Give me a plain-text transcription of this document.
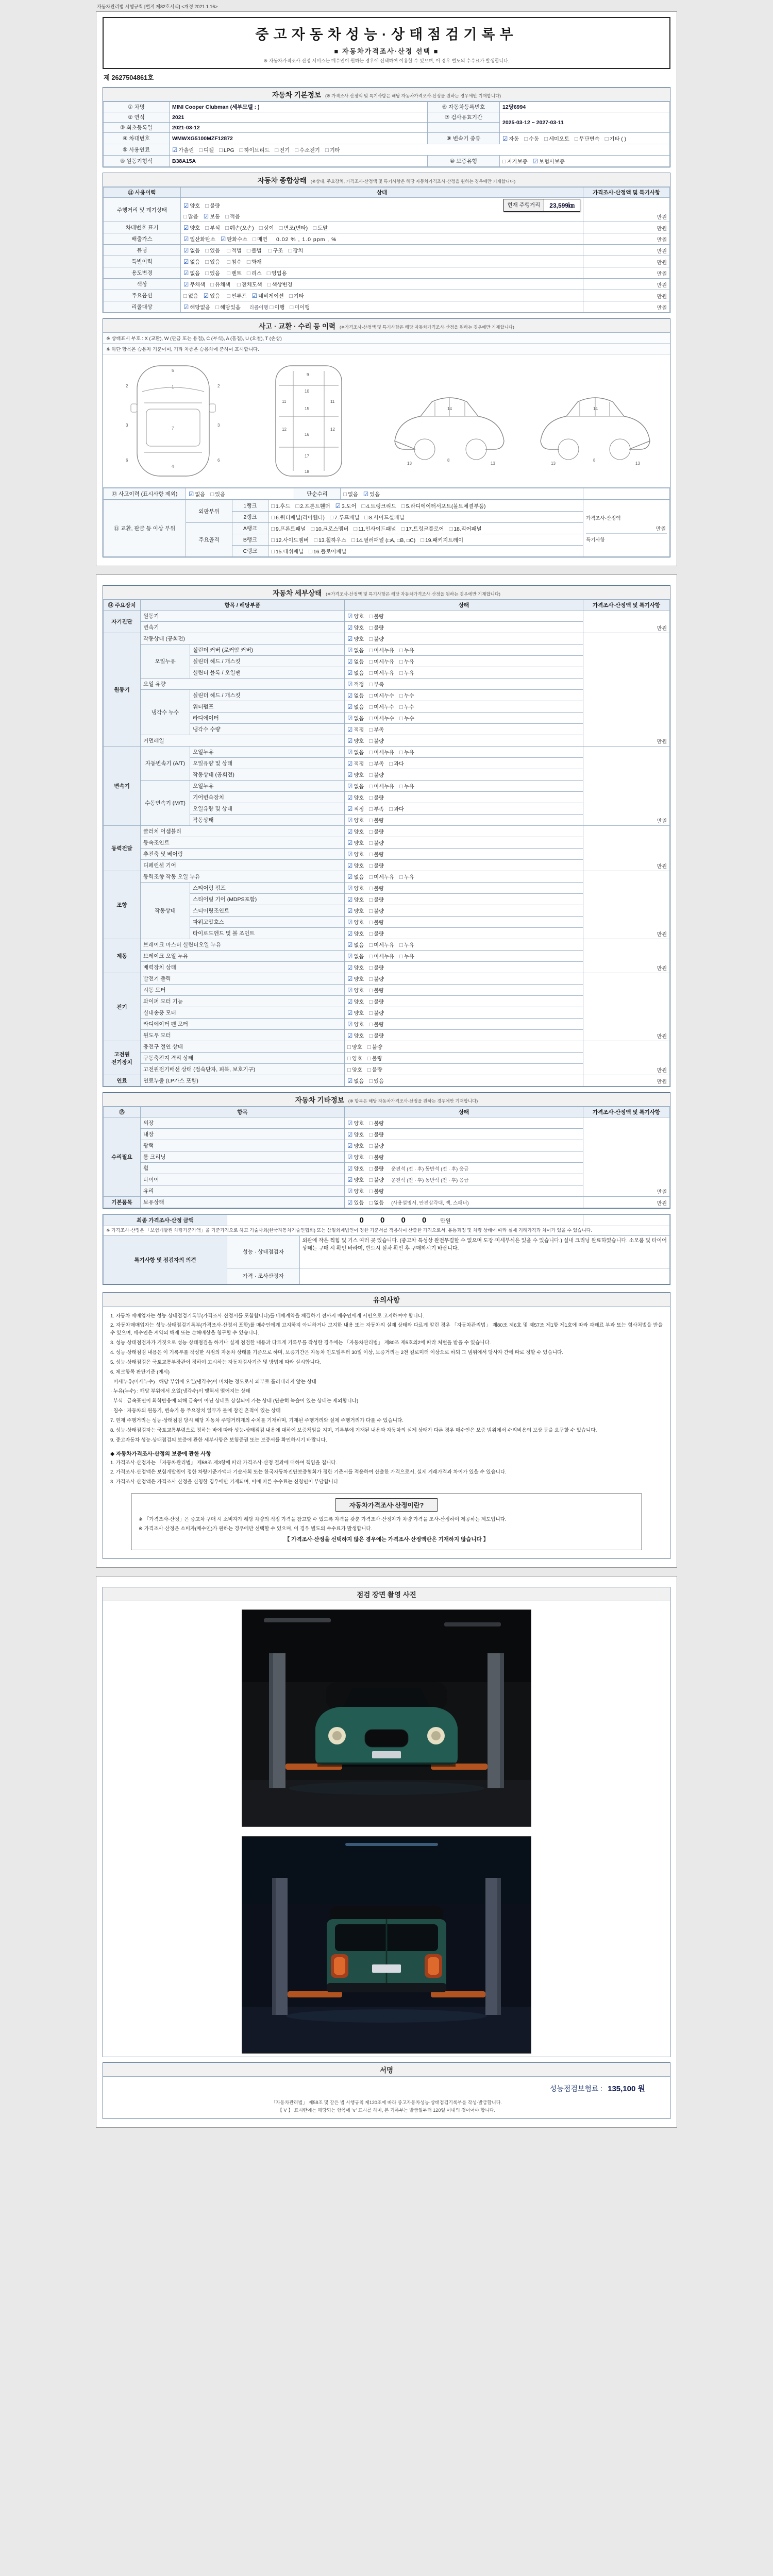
자동차관리법 시행규칙 [별지 제82호서식] <개정 2021.1.16>
중고자동차성능·상태점검기록부
■ 자동차가격조사·산정 선택 ■
※ 자동차가격조사·산정 서비스는 매수인이 원하는 경우에 선택하여 이용할 수 있으며, 이 경우 별도의 수수료가 발생합니다.
제 2627504861호
자동차 기본정보 (※ 가격조사·산정액 및 특기사항은 해당 자동차가격조사·산정을 원하는 경우에만 기재합니다)
① 차명	MINI Cooper Clubman (세부모델 : )	⑥ 자동차등록번호	12당6994
② 연식	2021	⑦ 검사유효기간	2025-03-12 ~ 2027-03-11
③ 최초등록일	2021-03-12		
④ 차대번호	WMWXG5100MZF12872	⑨ 변속기 종류	☑ 자동 □ 수동 □ 세미오토 □ 무단변속 □ 기타 ( )
⑤ 사용연료	☑ 가솔린 □ 디젤 □ LPG □ 하이브리드 □ 전기 □ 수소전기 □ 기타		
⑧ 원동기형식	B38A15A	⑩ 보증유형	□ 자가보증 ☑ 보험사보증
자동차 종합상태 (※상태, 주요장치, 가격조사·산정액 및 특기사항은 해당 자동차가격조사·산정을 원하는 경우에만 기재합니다)
⑪ 사용이력	상태	가격조사·산정액 및 특기사항
주행거리 및 계기상태	☑ 양호 □ 불량 현재 주행거리 23,599㎞
□ 많음 ☑ 보통 □ 적음	만원
차대번호 표기	☑ 양호 □ 부식 □ 훼손(오손) □ 상이 □ 변조(변타) □ 도말	만원
배출가스	☑ 일산화탄소 ☑ 탄화수소 □ 매연 0.02 % , 1.0 ppm , %	만원
튜닝	☑ 없음 □ 있음 □ 적법 □ 불법 □ 구조 □ 장치	만원
특별이력	☑ 없음 □ 있음 □ 침수 □ 화재	만원
용도변경	☑ 없음 □ 있음 □ 렌트 □ 리스 □ 영업용	만원
색상	☑ 무채색 □ 유채색 □ 전체도색 □ 색상변경	만원
주요옵션	□ 없음 ☑ 있음 □ 썬루프 ☑ 네비게이션 □ 기타	만원
리콜대상	☑ 해당없음 □ 해당있음 리콜이행 □ 이행 □ 미이행	만원
사고 · 교환 · 수리 등 이력 (※가격조사·산정액 및 특기사항은 해당 자동차가격조사·산정을 원하는 경우에만 기재합니다)
※ 상태표시 부호 : X (교환), W (판금 또는 용접), C (부식), A (흠집), U (요철), T (손상)
※ 하단 항목은 승용차 기준이며, 기타 차종은 승용차에 준하여 표시합니다.
5
1
7
4
2	2
3	3
6	6
9
10
11	11
12	12
15
16
17
18
14
13	13
8
14
13	13
8
⑫ 사고이력 (표시사항 제외)	☑ 없음 □ 있음	단순수리	□ 없음 ☑ 있음	
⑬ 교환, 판금 등 이상 부위	외판부위	1랭크	□ 1.후드 □ 2.프론트휀더 ☑ 3.도어 □ 4.트렁크리드 □ 5.라디에이터서포트(볼트체결부품)	가격조사·산정액
만원
특기사항

		2랭크	□ 6.쿼터패널(리어휀더) □ 7.루프패널 □ 8.사이드실패널	
	주요골격	A랭크	□ 9.프론트패널 □ 10.크로스멤버 □ 11.인사이드패널 □ 17.트렁크플로어 □ 18.리어패널	
		B랭크	□ 12.사이드멤버 □ 13.휠하우스 □ 14.필러패널 (□A, □B, □C) □ 19.패키지트레이	
		C랭크	□ 15.대쉬패널 □ 16.플로어패널	
자동차 세부상태 (※가격조사·산정액 및 특기사항은 해당 자동차가격조사·산정을 원하는 경우에만 기재합니다)
⑭ 주요장치	항목 / 해당부품		상태	가격조사·산정액 및 특기사항
자기진단	원동기		☑ 양호 □ 불량	만원
	변속기		☑ 양호 □ 불량	
원동기	작동상태 (공회전)		☑ 양호 □ 불량	만원
	오일누유	실린더 커버 (로커암 커버)	☑ 없음 □ 미세누유 □ 누유	
		실린더 헤드 / 개스킷	☑ 없음 □ 미세누유 □ 누유	
		실린더 블록 / 오일팬	☑ 없음 □ 미세누유 □ 누유	
	오일 유량		☑ 적정 □ 부족	
	냉각수 누수	실린더 헤드 / 개스킷	☑ 없음 □ 미세누수 □ 누수	
		워터펌프	☑ 없음 □ 미세누수 □ 누수	
		라디에이터	☑ 없음 □ 미세누수 □ 누수	
		냉각수 수량	☑ 적정 □ 부족	
	커먼레일		☑ 양호 □ 불량	
변속기	자동변속기 (A/T)	오일누유	☑ 없음 □ 미세누유 □ 누유	만원
		오일유량 및 상태	☑ 적정 □ 부족 □ 과다	
		작동상태 (공회전)	☑ 양호 □ 불량	
	수동변속기 (M/T)	오일누유	☑ 없음 □ 미세누유 □ 누유	
		기어변속장치	☑ 양호 □ 불량	
		오일유량 및 상태	☑ 적정 □ 부족 □ 과다	
		작동상태	☑ 양호 □ 불량	
동력전달	클러치 어셈블리		☑ 양호 □ 불량	만원
	등속조인트		☑ 양호 □ 불량	
	추진축 및 베어링		☑ 양호 □ 불량	
	디페런셜 기어		☑ 양호 □ 불량	
조향	동력조향 작동 오일 누유		☑ 없음 □ 미세누유 □ 누유	만원
	작동상태	스티어링 펌프	☑ 양호 □ 불량	
		스티어링 기어 (MDPS포함)	☑ 양호 □ 불량	
		스티어링조인트	☑ 양호 □ 불량	
		파워고압호스	☑ 양호 □ 불량	
		타이로드엔드 및 볼 조인트	☑ 양호 □ 불량	
제동	브레이크 마스터 실린더오일 누유		☑ 없음 □ 미세누유 □ 누유	만원
	브레이크 오일 누유		☑ 없음 □ 미세누유 □ 누유	
	배력장치 상태		☑ 양호 □ 불량	
전기	발전기 출력		☑ 양호 □ 불량	만원
	시동 모터		☑ 양호 □ 불량	
	와이퍼 모터 기능		☑ 양호 □ 불량	
	실내송풍 모터		☑ 양호 □ 불량	
	라디에이터 팬 모터		☑ 양호 □ 불량	
	윈도우 모터		☑ 양호 □ 불량	
고전원 전기장치	충전구 절연 상태		□ 양호 □ 불량	만원
	구동축전지 격리 상태		□ 양호 □ 불량	
	고전원전기배선 상태 (접속단자, 피복, 보호기구)		□ 양호 □ 불량	
연료	연료누출 (LP가스 포함)		☑ 없음 □ 있음	만원
자동차 기타정보 (※ 항목은 해당 자동차가격조사·산정을 원하는 경우에만 기재합니다)
⑮	항목	상태	가격조사·산정액 및 특기사항
수리필요	외장	☑ 양호 □ 불량	만원
	내장	☑ 양호 □ 불량	
	광택	☑ 양호 □ 불량	
	룸 크리닝	☑ 양호 □ 불량	
	휠	☑ 양호 □ 불량 운전석 (전 · 후) 동반석 (전 · 후) 응급	
	타이어	☑ 양호 □ 불량 운전석 (전 · 후) 동반석 (전 · 후) 응급	
	유리	☑ 양호 □ 불량	
기본품목	보유상태	☑ 있음 □ 없음 (사용설명서, 안전삼각대, 잭, 스패너)	만원
최종 가격조사·산정 금액	0 0 0 0 만원	
※ 가격조사·산정은 「보험개발원 차량기준가액」을 기준가격으로 하고 기술사회(한국자동차기술인협회) 또는 삼일회계법인이 정한 기준서를 적용하여 산출한 가격으로서, 유통과정 및 차량 상태에 따라 실제 거래가격과 차이가 있을 수 있습니다.
특기사항 및 점검자의 의견	
성능 · 상태점검자	외관에 작은 찍힘 및 기스 여러 곳 있습니다. (중고차 특성상 완전무결할 수 없으며 도장·미세부식은 있을 수 있습니다.) 실내 크리닝 완료하였습니다. 소모품 및 타이어 상태는 구매 시 확인 바라며, 반드시 실차 확인 후 구매하시기 바랍니다.
가격 · 조사산정자	
유의사항

1. 자동차 매매업자는 성능·상태점검기록부(가격조사·산정서를 포함합니다)를 매매계약을 체결하기 전까지 매수인에게 서면으로 고지하여야 합니다.

2. 자동차매매업자는 성능·상태점검기록부(가격조사·산정서 포함)를 매수인에게 고지하지 아니하거나 고지한 내용 또는 자동차의 실제 상태와 다르게 알린 경우 「자동차관리법」 제80조 제6호 및 제57조 제1항 제1호에 따라 과태료 부과 또는 형사처벌을 받을 수 있으며, 매수인은 계약의 해제 또는 손해배상을 청구할 수 있습니다.

3. 성능·상태점검자가 거짓으로 성능·상태점검을 하거나 실제 점검한 내용과 다르게 기록부를 작성한 경우에는 「자동차관리법」 제80조 제5호의2에 따라 처벌을 받을 수 있습니다.

4. 성능·상태점검 내용은 이 기록부를 작성한 시점의 자동차 상태를 기준으로 하며, 보증기간은 자동차 인도일부터 30일 이상, 보증거리는 2천 킬로미터 이상으로 하되 그 범위에서 당사자 간에 따로 정할 수 있습니다.

5. 성능·상태점검은 국토교통부장관이 정하여 고시하는 자동차검사기준 및 방법에 따라 실시합니다.

6. 체크항목 판단기준 (예시)

· 미세누유(미세누수) : 해당 부위에 오일(냉각수)이 비치는 정도로서 외부로 흘러내리지 않는 상태

· 누유(누수) : 해당 부위에서 오일(냉각수)이 맺혀서 떨어지는 상태

· 부식 : 금속표면이 화학반응에 의해 금속이 아닌 상태로 상실되어 가는 상태 (단순히 녹슬어 있는 상태는 제외합니다)

· 침수 : 자동차의 원동기, 변속기 등 주요장치 일부가 물에 잠긴 흔적이 있는 상태

7. 현재 주행거리는 성능·상태점검 당시 해당 자동차 주행거리계의 수치를 기재하며, 기재된 주행거리와 실제 주행거리가 다를 수 있습니다.

8. 성능·상태점검자는 국토교통부령으로 정하는 바에 따라 성능·상태점검 내용에 대하여 보증책임을 지며, 기록부에 기재된 내용과 자동차의 실제 상태가 다른 경우 매수인은 보증 범위에서 수리비용의 보상 등을 요구할 수 있습니다.

9. 중고자동차 성능·상태점검의 보증에 관한 세부사항은 보험증권 또는 보증서를 확인하시기 바랍니다.

◆ 자동차가격조사·산정의 보증에 관한 사항

1. 가격조사·산정자는 「자동차관리법」 제58조 제3항에 따라 가격조사·산정 결과에 대하여 책임을 집니다.

2. 가격조사·산정액은 보험개발원이 정한 차량기준가액과 기술사회 또는 한국자동차진단보증협회가 정한 기준서를 적용하여 산출한 가격으로서, 실제 거래가격과 차이가 있을 수 있습니다.

3. 가격조사·산정액은 가격조사·산정을 신청한 경우에만 기재되며, 이에 따른 수수료는 신청인이 부담합니다.

자동차가격조사·산정이란?

※ 「가격조사·산정」은 중고차 구매 시 소비자가 해당 차량의 적정 가격을 참고할 수 있도록 자격을 갖춘 가격조사·산정자가 차량 가격을 조사·산정하여 제공하는 제도입니다.

※ 가격조사·산정은 소비자(매수인)가 원하는 경우에만 선택할 수 있으며, 이 경우 별도의 수수료가 발생합니다.

【 가격조사·산정을 선택하지 않은 경우에는 가격조사·산정액란은 기재하지 않습니다 】

점검 장면 촬영 사진
서명
성능점검보험료 : 135,100 원

「자동차관리법」 제58조 및 같은 법 시행규칙 제120조에 따라 중고자동차성능·상태점검기록부를 작성·발급합니다.

【 V 】 표시란에는 해당되는 항목에 '∨' 표시를 하며, 본 기록부는 발급일부터 120일 이내의 것이어야 합니다.
